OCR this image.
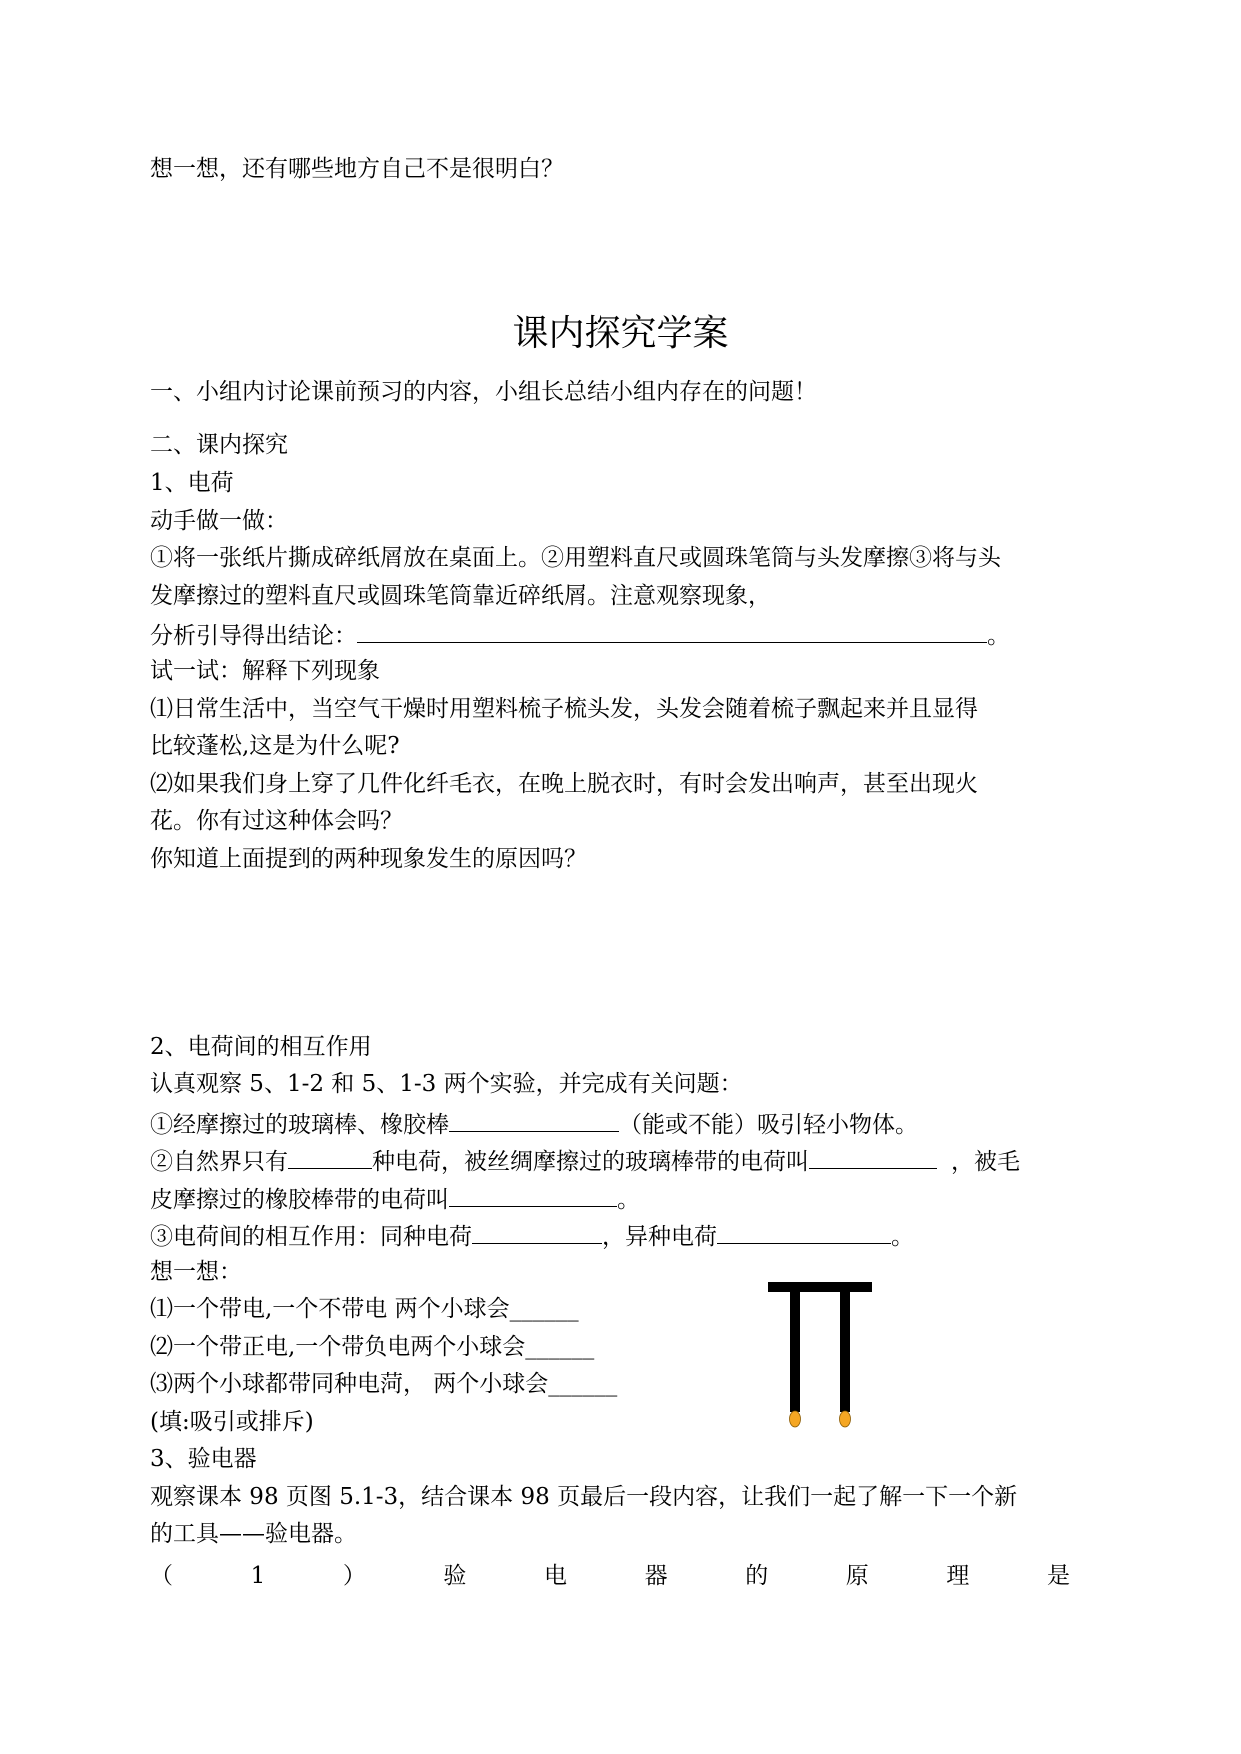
想一想，还有哪些地方自己不是很明白？
课内探究学案
一、小组内讨论课前预习的内容，小组长总结小组内存在的问题！
二、课内探究
1、电荷
动手做一做：
①将一张纸片撕成碎纸屑放在桌面上。②用塑料直尺或圆珠笔筒与头发摩擦③将与头
发摩擦过的塑料直尺或圆珠笔筒靠近碎纸屑。注意观察现象，
分析引导得出结论：	。
试一试：解释下列现象
⑴日常生活中，当空气干燥时用塑料梳子梳头发，头发会随着梳子飘起来并且显得
比较蓬松,这是为什么呢?
⑵如果我们身上穿了几件化纤毛衣，在晚上脱衣时，有时会发出响声，甚至出现火
花。你有过这种体会吗？
你知道上面提到的两种现象发生的原因吗？
2、电荷间的相互作用
认真观察 5、1-2 和 5、1-3 两个实验，并完成有关问题：
①经摩擦过的玻璃棒、橡胶棒	（能或不能）吸引轻小物体。
②自然界只有	种电荷，被丝绸摩擦过的玻璃棒带的电荷叫	，被毛
皮摩擦过的橡胶棒带的电荷叫	。
③电荷间的相互作用：同种电荷	，异种电荷	。
想一想：
⑴一个带电,一个不带电 两个小球会______
⑵一个带正电,一个带负电两个小球会______
⑶两个小球都带同种电菏， 两个小球会______
(填:吸引或排斥)
3、验电器
观察课本 98 页图 5.1-3，结合课本 98 页最后一段内容，让我们一起了解一下一个新
的工具——验电器。
（	1	）	验	电	器	的	原	理	是
